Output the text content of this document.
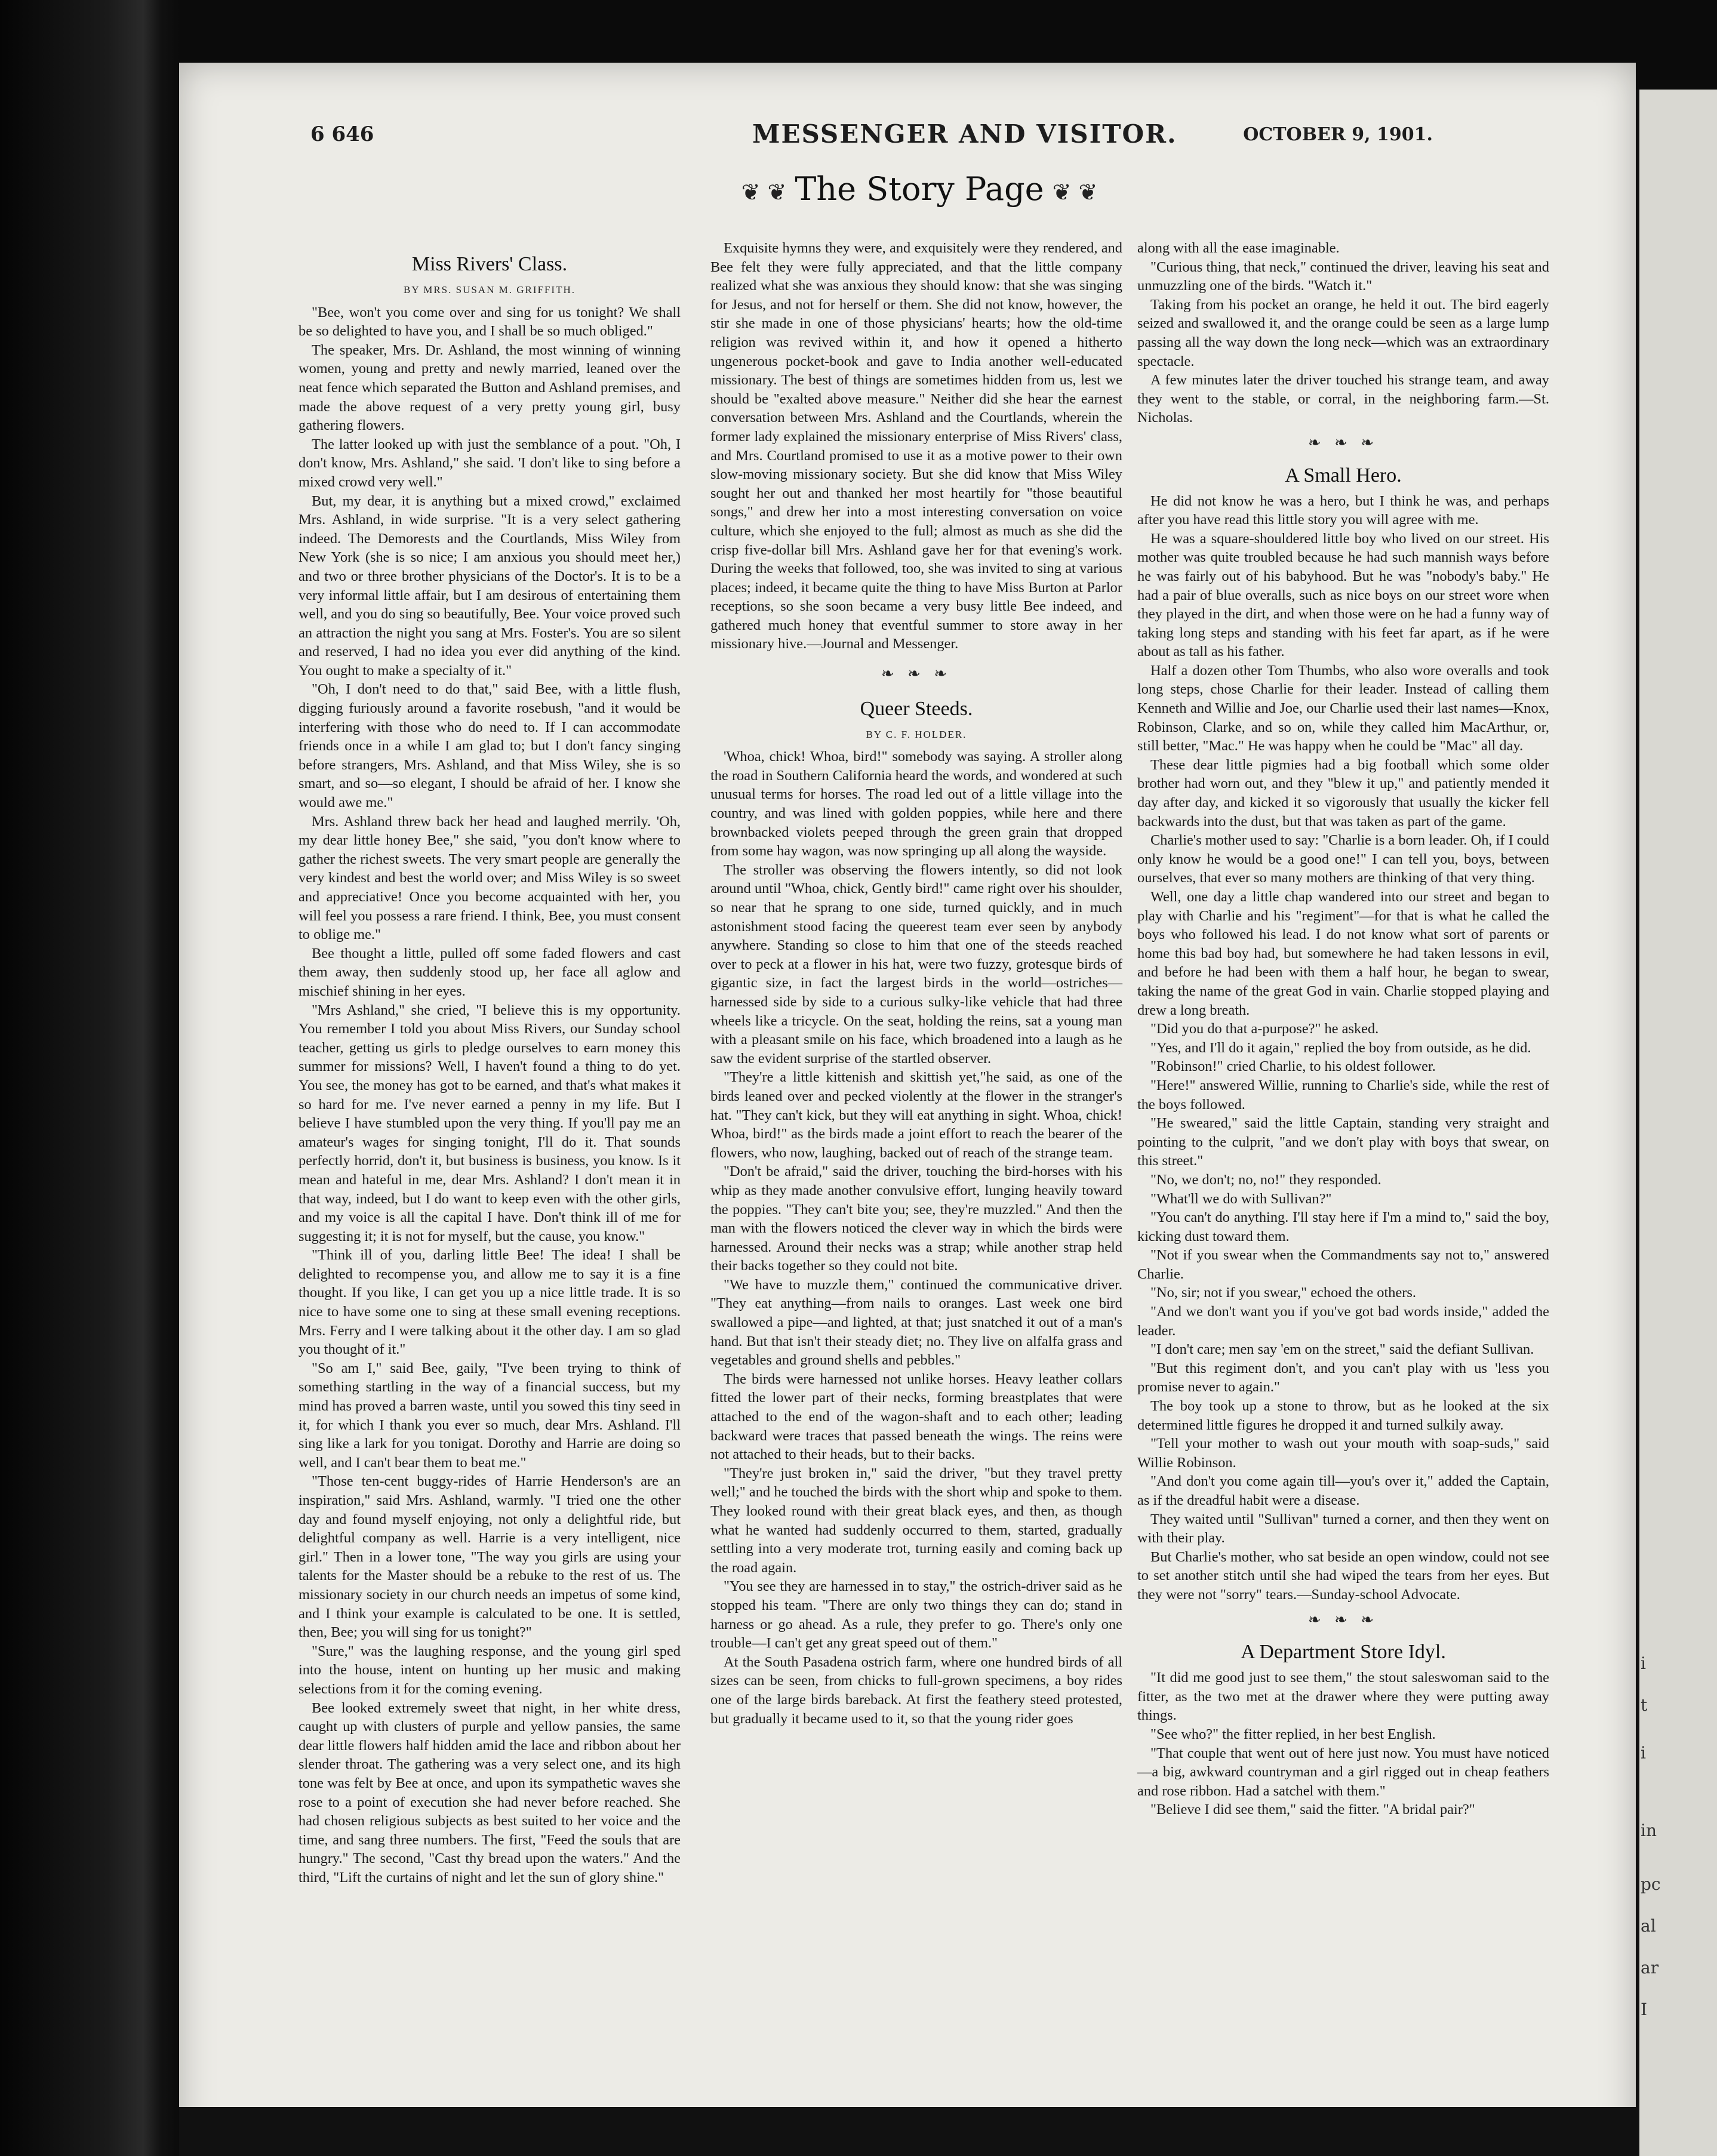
i
t
i
in
pc
al
ar
I
6 646	MESSENGER AND VISITOR.	OCTOBER 9, 1901.
❦ ❦ The Story Page ❦ ❦
Miss Rivers' Class.
BY MRS. SUSAN M. GRIFFITH.

"Bee, won't you come over and sing for us tonight? We shall be so delighted to have you, and I shall be so much obliged."

The speaker, Mrs. Dr. Ashland, the most winning of winning women, young and pretty and newly married, leaned over the neat fence which separated the Button and Ashland premises, and made the above request of a very pretty young girl, busy gathering flowers.

The latter looked up with just the semblance of a pout. "Oh, I don't know, Mrs. Ashland," she said. 'I don't like to sing before a mixed crowd very well."

But, my dear, it is anything but a mixed crowd," exclaimed Mrs. Ashland, in wide surprise. "It is a very select gathering indeed. The Demorests and the Courtlands, Miss Wiley from New York (she is so nice; I am anxious you should meet her,) and two or three brother physicians of the Doctor's. It is to be a very informal little affair, but I am desirous of entertaining them well, and you do sing so beautifully, Bee. Your voice proved such an attraction the night you sang at Mrs. Foster's. You are so silent and reserved, I had no idea you ever did anything of the kind. You ought to make a specialty of it."

"Oh, I don't need to do that," said Bee, with a little flush, digging furiously around a favorite rosebush, "and it would be interfering with those who do need to. If I can accommodate friends once in a while I am glad to; but I don't fancy singing before strangers, Mrs. Ashland, and that Miss Wiley, she is so smart, and so—so elegant, I should be afraid of her. I know she would awe me."

Mrs. Ashland threw back her head and laughed merrily. 'Oh, my dear little honey Bee," she said, "you don't know where to gather the richest sweets. The very smart people are generally the very kindest and best the world over; and Miss Wiley is so sweet and appreciative! Once you become acquainted with her, you will feel you possess a rare friend. I think, Bee, you must consent to oblige me."

Bee thought a little, pulled off some faded flowers and cast them away, then suddenly stood up, her face all aglow and mischief shining in her eyes.

"Mrs Ashland," she cried, "I believe this is my opportunity. You remember I told you about Miss Rivers, our Sunday school teacher, getting us girls to pledge ourselves to earn money this summer for missions? Well, I haven't found a thing to do yet. You see, the money has got to be earned, and that's what makes it so hard for me. I've never earned a penny in my life. But I believe I have stumbled upon the very thing. If you'll pay me an amateur's wages for singing tonight, I'll do it. That sounds perfectly horrid, don't it, but business is business, you know. Is it mean and hateful in me, dear Mrs. Ashland? I don't mean it in that way, indeed, but I do want to keep even with the other girls, and my voice is all the capital I have. Don't think ill of me for suggesting it; it is not for myself, but the cause, you know."

"Think ill of you, darling little Bee! The idea! I shall be delighted to recompense you, and allow me to say it is a fine thought. If you like, I can get you up a nice little trade. It is so nice to have some one to sing at these small evening receptions. Mrs. Ferry and I were talking about it the other day. I am so glad you thought of it."

"So am I," said Bee, gaily, "I've been trying to think of something startling in the way of a financial success, but my mind has proved a barren waste, until you sowed this tiny seed in it, for which I thank you ever so much, dear Mrs. Ashland. I'll sing like a lark for you tonigat. Dorothy and Harrie are doing so well, and I can't bear them to beat me."

"Those ten-cent buggy-rides of Harrie Henderson's are an inspiration," said Mrs. Ashland, warmly. "I tried one the other day and found myself enjoying, not only a delightful ride, but delightful company as well. Harrie is a very intelligent, nice girl." Then in a lower tone, "The way you girls are using your talents for the Master should be a rebuke to the rest of us. The missionary society in our church needs an impetus of some kind, and I think your example is calculated to be one. It is settled, then, Bee; you will sing for us tonight?"

"Sure," was the laughing response, and the young girl sped into the house, intent on hunting up her music and making selections from it for the coming evening.

Bee looked extremely sweet that night, in her white dress, caught up with clusters of purple and yellow pansies, the same dear little flowers half hidden amid the lace and ribbon about her slender throat. The gathering was a very select one, and its high tone was felt by Bee at once, and upon its sympathetic waves she rose to a point of execution she had never before reached. She had chosen religious subjects as best suited to her voice and the time, and sang three numbers. The first, "Feed the souls that are hungry." The second, "Cast thy bread upon the waters." And the third, "Lift the curtains of night and let the sun of glory shine."

Exquisite hymns they were, and exquisitely were they rendered, and Bee felt they were fully appreciated, and that the little company realized what she was anxious they should know: that she was singing for Jesus, and not for herself or them. She did not know, however, the stir she made in one of those physicians' hearts; how the old-time religion was revived within it, and how it opened a hitherto ungenerous pocket-book and gave to India another well-educated missionary. The best of things are sometimes hidden from us, lest we should be "exalted above measure." Neither did she hear the earnest conversation between Mrs. Ashland and the Courtlands, wherein the former lady explained the missionary enterprise of Miss Rivers' class, and Mrs. Courtland promised to use it as a motive power to their own slow-moving missionary society. But she did know that Miss Wiley sought her out and thanked her most heartily for "those beautiful songs," and drew her into a most interesting conversation on voice culture, which she enjoyed to the full; almost as much as she did the crisp five-dollar bill Mrs. Ashland gave her for that evening's work. During the weeks that followed, too, she was invited to sing at various places; indeed, it became quite the thing to have Miss Burton at Parlor receptions, so she soon became a very busy little Bee indeed, and gathered much honey that eventful summer to store away in her missionary hive.—Journal and Messenger.

❧ ❧ ❧
Queer Steeds.
BY C. F. HOLDER.

'Whoa, chick! Whoa, bird!" somebody was saying. A stroller along the road in Southern California heard the words, and wondered at such unusual terms for horses. The road led out of a little village into the country, and was lined with golden poppies, while here and there brownbacked violets peeped through the green grain that dropped from some hay wagon, was now springing up all along the wayside.

The stroller was observing the flowers intently, so did not look around until "Whoa, chick, Gently bird!" came right over his shoulder, so near that he sprang to one side, turned quickly, and in much astonishment stood facing the queerest team ever seen by anybody anywhere. Standing so close to him that one of the steeds reached over to peck at a flower in his hat, were two fuzzy, grotesque birds of gigantic size, in fact the largest birds in the world—ostriches—harnessed side by side to a curious sulky-like vehicle that had three wheels like a tricycle. On the seat, holding the reins, sat a young man with a pleasant smile on his face, which broadened into a laugh as he saw the evident surprise of the startled observer.

"They're a little kittenish and skittish yet,"he said, as one of the birds leaned over and pecked violently at the flower in the stranger's hat. "They can't kick, but they will eat anything in sight. Whoa, chick! Whoa, bird!" as the birds made a joint effort to reach the bearer of the flowers, who now, laughing, backed out of reach of the strange team.

"Don't be afraid," said the driver, touching the bird-horses with his whip as they made another convulsive effort, lunging heavily toward the poppies. "They can't bite you; see, they're muzzled." And then the man with the flowers noticed the clever way in which the birds were harnessed. Around their necks was a strap; while another strap held their backs together so they could not bite.

"We have to muzzle them," continued the communicative driver. "They eat anything—from nails to oranges. Last week one bird swallowed a pipe—and lighted, at that; just snatched it out of a man's hand. But that isn't their steady diet; no. They live on alfalfa grass and vegetables and ground shells and pebbles."

The birds were harnessed not unlike horses. Heavy leather collars fitted the lower part of their necks, forming breastplates that were attached to the end of the wagon-shaft and to each other; leading backward were traces that passed beneath the wings. The reins were not attached to their heads, but to their backs.

"They're just broken in," said the driver, "but they travel pretty well;" and he touched the birds with the short whip and spoke to them. They looked round with their great black eyes, and then, as though what he wanted had suddenly occurred to them, started, gradually settling into a very moderate trot, turning easily and coming back up the road again.

"You see they are harnessed in to stay," the ostrich-driver said as he stopped his team. "There are only two things they can do; stand in harness or go ahead. As a rule, they prefer to go. There's only one trouble—I can't get any great speed out of them."

At the South Pasadena ostrich farm, where one hundred birds of all sizes can be seen, from chicks to full-grown specimens, a boy rides one of the large birds bareback. At first the feathery steed protested, but gradually it became used to it, so that the young rider goes

along with all the ease imaginable.

"Curious thing, that neck," continued the driver, leaving his seat and unmuzzling one of the birds. "Watch it."

Taking from his pocket an orange, he held it out. The bird eagerly seized and swallowed it, and the orange could be seen as a large lump passing all the way down the long neck—which was an extraordinary spectacle.

A few minutes later the driver touched his strange team, and away they went to the stable, or corral, in the neighboring farm.—St. Nicholas.

❧ ❧ ❧
A Small Hero.

He did not know he was a hero, but I think he was, and perhaps after you have read this little story you will agree with me.

He was a square-shouldered little boy who lived on our street. His mother was quite troubled because he had such mannish ways before he was fairly out of his babyhood. But he was "nobody's baby." He had a pair of blue overalls, such as nice boys on our street wore when they played in the dirt, and when those were on he had a funny way of taking long steps and standing with his feet far apart, as if he were about as tall as his father.

Half a dozen other Tom Thumbs, who also wore overalls and took long steps, chose Charlie for their leader. Instead of calling them Kenneth and Willie and Joe, our Charlie used their last names—Knox, Robinson, Clarke, and so on, while they called him MacArthur, or, still better, "Mac." He was happy when he could be "Mac" all day.

These dear little pigmies had a big football which some older brother had worn out, and they "blew it up," and patiently mended it day after day, and kicked it so vigorously that usually the kicker fell backwards into the dust, but that was taken as part of the game.

Charlie's mother used to say: "Charlie is a born leader. Oh, if I could only know he would be a good one!" I can tell you, boys, between ourselves, that ever so many mothers are thinking of that very thing.

Well, one day a little chap wandered into our street and began to play with Charlie and his "regiment"—for that is what he called the boys who followed his lead. I do not know what sort of parents or home this bad boy had, but somewhere he had taken lessons in evil, and before he had been with them a half hour, he began to swear, taking the name of the great God in vain. Charlie stopped playing and drew a long breath.

"Did you do that a-purpose?" he asked.

"Yes, and I'll do it again," replied the boy from outside, as he did.

"Robinson!" cried Charlie, to his oldest follower.

"Here!" answered Willie, running to Charlie's side, while the rest of the boys followed.

"He sweared," said the little Captain, standing very straight and pointing to the culprit, "and we don't play with boys that swear, on this street."

"No, we don't; no, no!" they responded.

"What'll we do with Sullivan?"

"You can't do anything. I'll stay here if I'm a mind to," said the boy, kicking dust toward them.

"Not if you swear when the Commandments say not to," answered Charlie.

"No, sir; not if you swear," echoed the others.

"And we don't want you if you've got bad words inside," added the leader.

"I don't care; men say 'em on the street," said the defiant Sullivan.

"But this regiment don't, and you can't play with us 'less you promise never to again."

The boy took up a stone to throw, but as he looked at the six determined little figures he dropped it and turned sulkily away.

"Tell your mother to wash out your mouth with soap-suds," said Willie Robinson.

"And don't you come again till—you's over it," added the Captain, as if the dreadful habit were a disease.

They waited until "Sullivan" turned a corner, and then they went on with their play.

But Charlie's mother, who sat beside an open window, could not see to set another stitch until she had wiped the tears from her eyes. But they were not "sorry" tears.—Sunday-school Advocate.

❧ ❧ ❧
A Department Store Idyl.

"It did me good just to see them," the stout saleswoman said to the fitter, as the two met at the drawer where they were putting away things.

"See who?" the fitter replied, in her best English.

"That couple that went out of here just now. You must have noticed—a big, awkward countryman and a girl rigged out in cheap feathers and rose ribbon. Had a satchel with them."

"Believe I did see them," said the fitter. "A bridal pair?"
